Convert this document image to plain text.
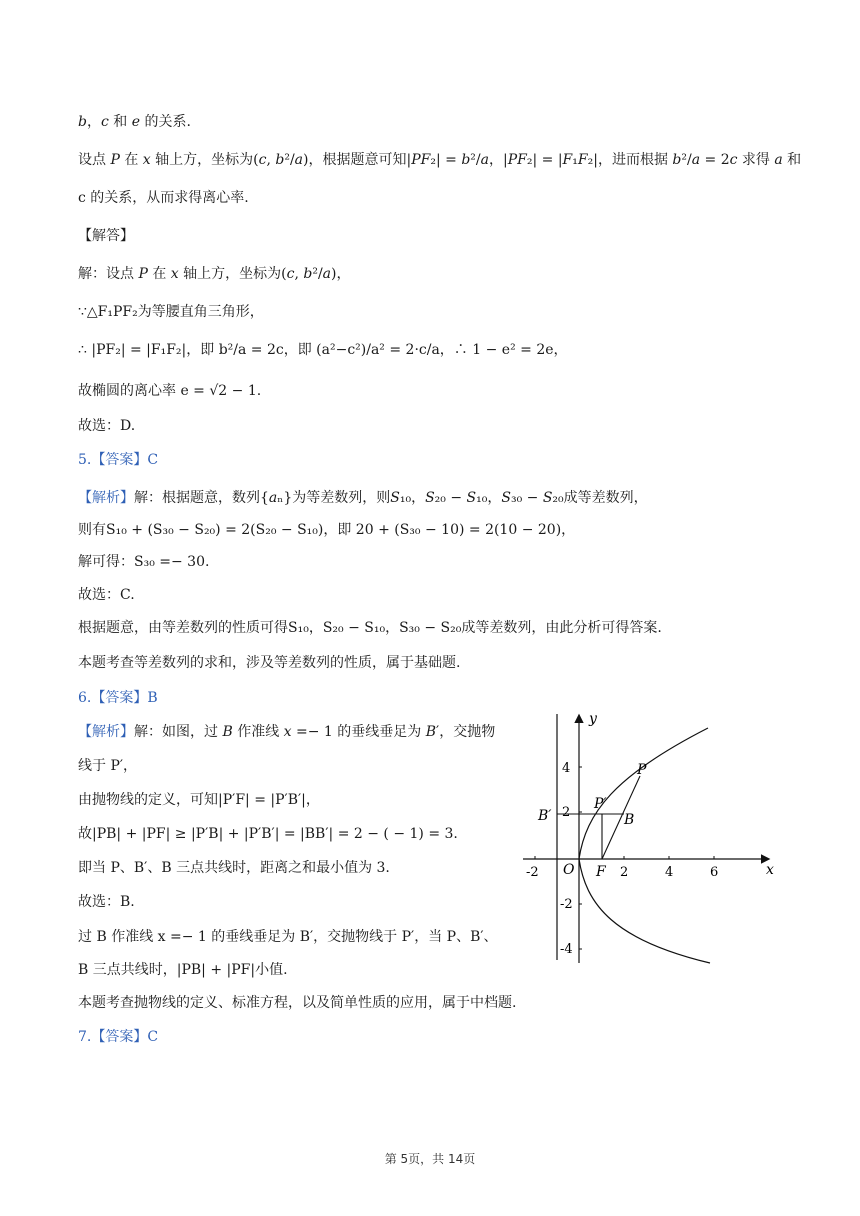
b，c 和 e 的关系.
设点 P 在 x 轴上方，坐标为(c, b²/a)，根据题意可知|PF₂| = b²/a，|PF₂| = |F₁F₂|，进而根据 b²/a = 2c 求得 a 和
c 的关系，从而求得离心率.
【解答】
解：设点 P 在 x 轴上方，坐标为(c, b²/a)，
∵△F₁PF₂为等腰直角三角形，
∴ |PF₂| = |F₁F₂|，即 b²/a = 2c，即 (a²−c²)/a² = 2·c/a，∴ 1 − e² = 2e，
故椭圆的离心率 e = √2 − 1.
故选：D.
5.【答案】C
【解析】解：根据题意，数列{aₙ}为等差数列，则S₁₀，S₂₀ − S₁₀，S₃₀ − S₂₀成等差数列，
则有S₁₀ + (S₃₀ − S₂₀) = 2(S₂₀ − S₁₀)，即 20 + (S₃₀ − 10) = 2(10 − 20)，
解可得：S₃₀ =− 30.
故选：C.
根据题意，由等差数列的性质可得S₁₀，S₂₀ − S₁₀，S₃₀ − S₂₀成等差数列，由此分析可得答案.
本题考查等差数列的求和，涉及等差数列的性质，属于基础题.
6.【答案】B
【解析】解：如图，过 B 作准线 x =− 1 的垂线垂足为 B′，交抛物
线于 P′，
由抛物线的定义，可知|P′F| = |P′B′|，
故|PB| + |PF| ≥ |P′B| + |P′B′| = |BB′| = 2 − ( − 1) = 3.
即当 P、B′、B 三点共线时，距离之和最小值为 3.
故选：B.
过 B 作准线 x =− 1 的垂线垂足为 B′，交抛物线于 P′，当 P、B′、
B 三点共线时，|PB| + |PF|小值.
本题考查抛物线的定义、标准方程，以及简单性质的应用，属于中档题.
7.【答案】C
y
x
O
-2	2	4	6
4
2
-2
-4
P
P′
B
B′
F
第 5页，共 14页
